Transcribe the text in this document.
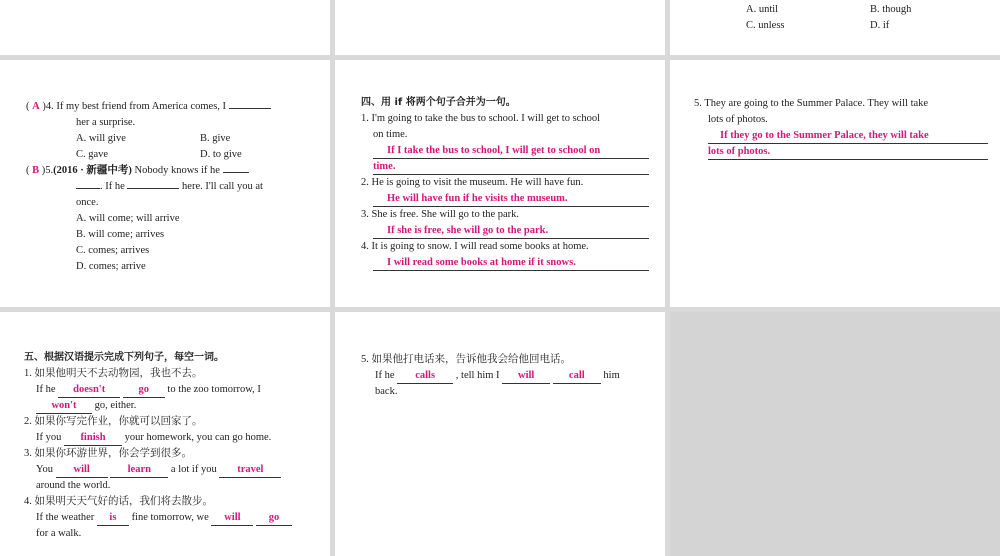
A. until	B. though
C. unless	D. if
( A )4. If my best friend from America comes, I
her a surprise.
A. will give	B. give
C. gave	D. to give
( B )5.(2016 · 新疆中考) Nobody knows if he
. If he	here. I'll call you at
once.
A. will come; will arrive
B. will come; arrives
C. comes; arrives
D. comes; arrive
四、用 if 将两个句子合并为一句。
1. I'm going to take the bus to school. I will get to school
on time.
If I take the bus to school, I will get to school on
time.
2. He is going to visit the museum. He will have fun.
He will have fun if he visits the museum.
3. She is free. She will go to the park.
If she is free, she will go to the park.
4. It is going to snow. I will read some books at home.
I will read some books at home if it snows.
5. They are going to the Summer Palace. They will take
lots of photos.
If they go to the Summer Palace, they will take
lots of photos.
五、根据汉语提示完成下列句子，每空一词。
1. 如果他明天不去动物园，我也不去。
If he doesn't	go to the zoo tomorrow, I
won't go, either.
2. 如果你写完作业，你就可以回家了。
If you finish your homework, you can go home.
3. 如果你环游世界，你会学到很多。
You will	learn a lot if you travel
around the world.
4. 如果明天天气好的话，我们将去散步。
If the weather is fine tomorrow, we will	go
for a walk.
5. 如果他打电话来，告诉他我会给他回电话。
If he calls , tell him I will	call him
back.
